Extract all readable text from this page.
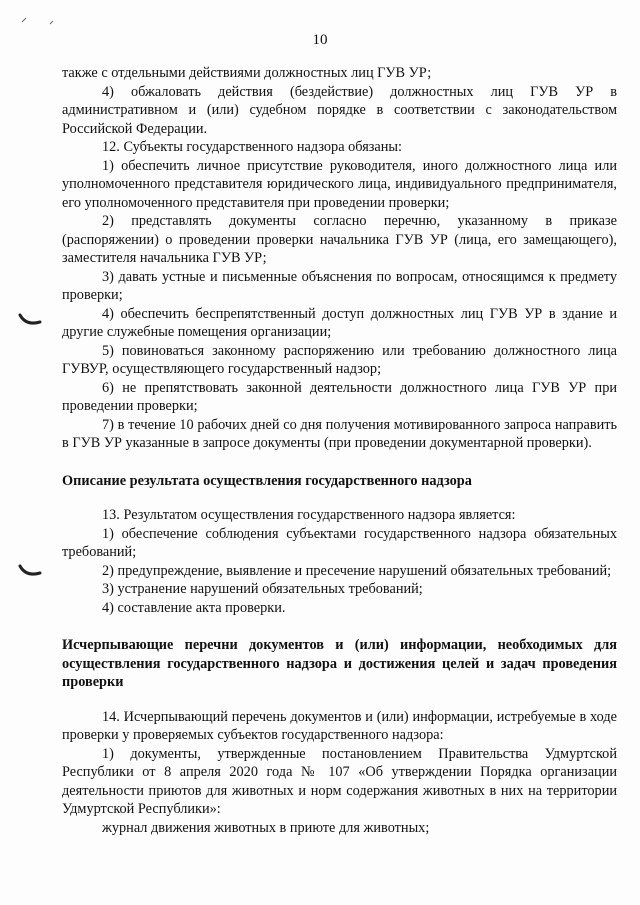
10

также с отдельными действиями должностных лиц ГУВ УР;

4) обжаловать действия (бездействие) должностных лиц ГУВ УР в административном и (или) судебном порядке в соответствии с законодательством Российской Федерации.

12. Субъекты государственного надзора обязаны:

1) обеспечить личное присутствие руководителя, иного должностного лица или уполномоченного представителя юридического лица, индивидуального предпринимателя, его уполномоченного представителя при проведении проверки;

2) представлять документы согласно перечню, указанному в приказе (распоряжении) о проведении проверки начальника ГУВ УР (лица, его замещающего), заместителя начальника ГУВ УР;

3) давать устные и письменные объяснения по вопросам, относящимся к предмету проверки;

4) обеспечить беспрепятственный доступ должностных лиц ГУВ УР в здание и другие служебные помещения организации;

5) повиноваться законному распоряжению или требованию должностного лица ГУВУР, осуществляющего государственный надзор;

6) не препятствовать законной деятельности должностного лица ГУВ УР при проведении проверки;

7) в течение 10 рабочих дней со дня получения мотивированного запроса направить в ГУВ УР указанные в запросе документы (при проведении документарной проверки).

Описание результата осуществления государственного надзора

13. Результатом осуществления государственного надзора является:

1) обеспечение соблюдения субъектами государственного надзора обязательных требований;

2) предупреждение, выявление и пресечение нарушений обязательных требований;

3) устранение нарушений обязательных требований;

4) составление акта проверки.

Исчерпывающие перечни документов и (или) информации, необходимых для осуществления государственного надзора и достижения целей и задач проведения проверки

14. Исчерпывающий перечень документов и (или) информации, истребуемые в ходе проверки у проверяемых субъектов государственного надзора:

1) документы, утвержденные постановлением Правительства Удмуртской Республики от 8 апреля 2020 года № 107 «Об утверждении Порядка организации деятельности приютов для животных и норм содержания животных в них на территории Удмуртской Республики»:

журнал движения животных в приюте для животных;
